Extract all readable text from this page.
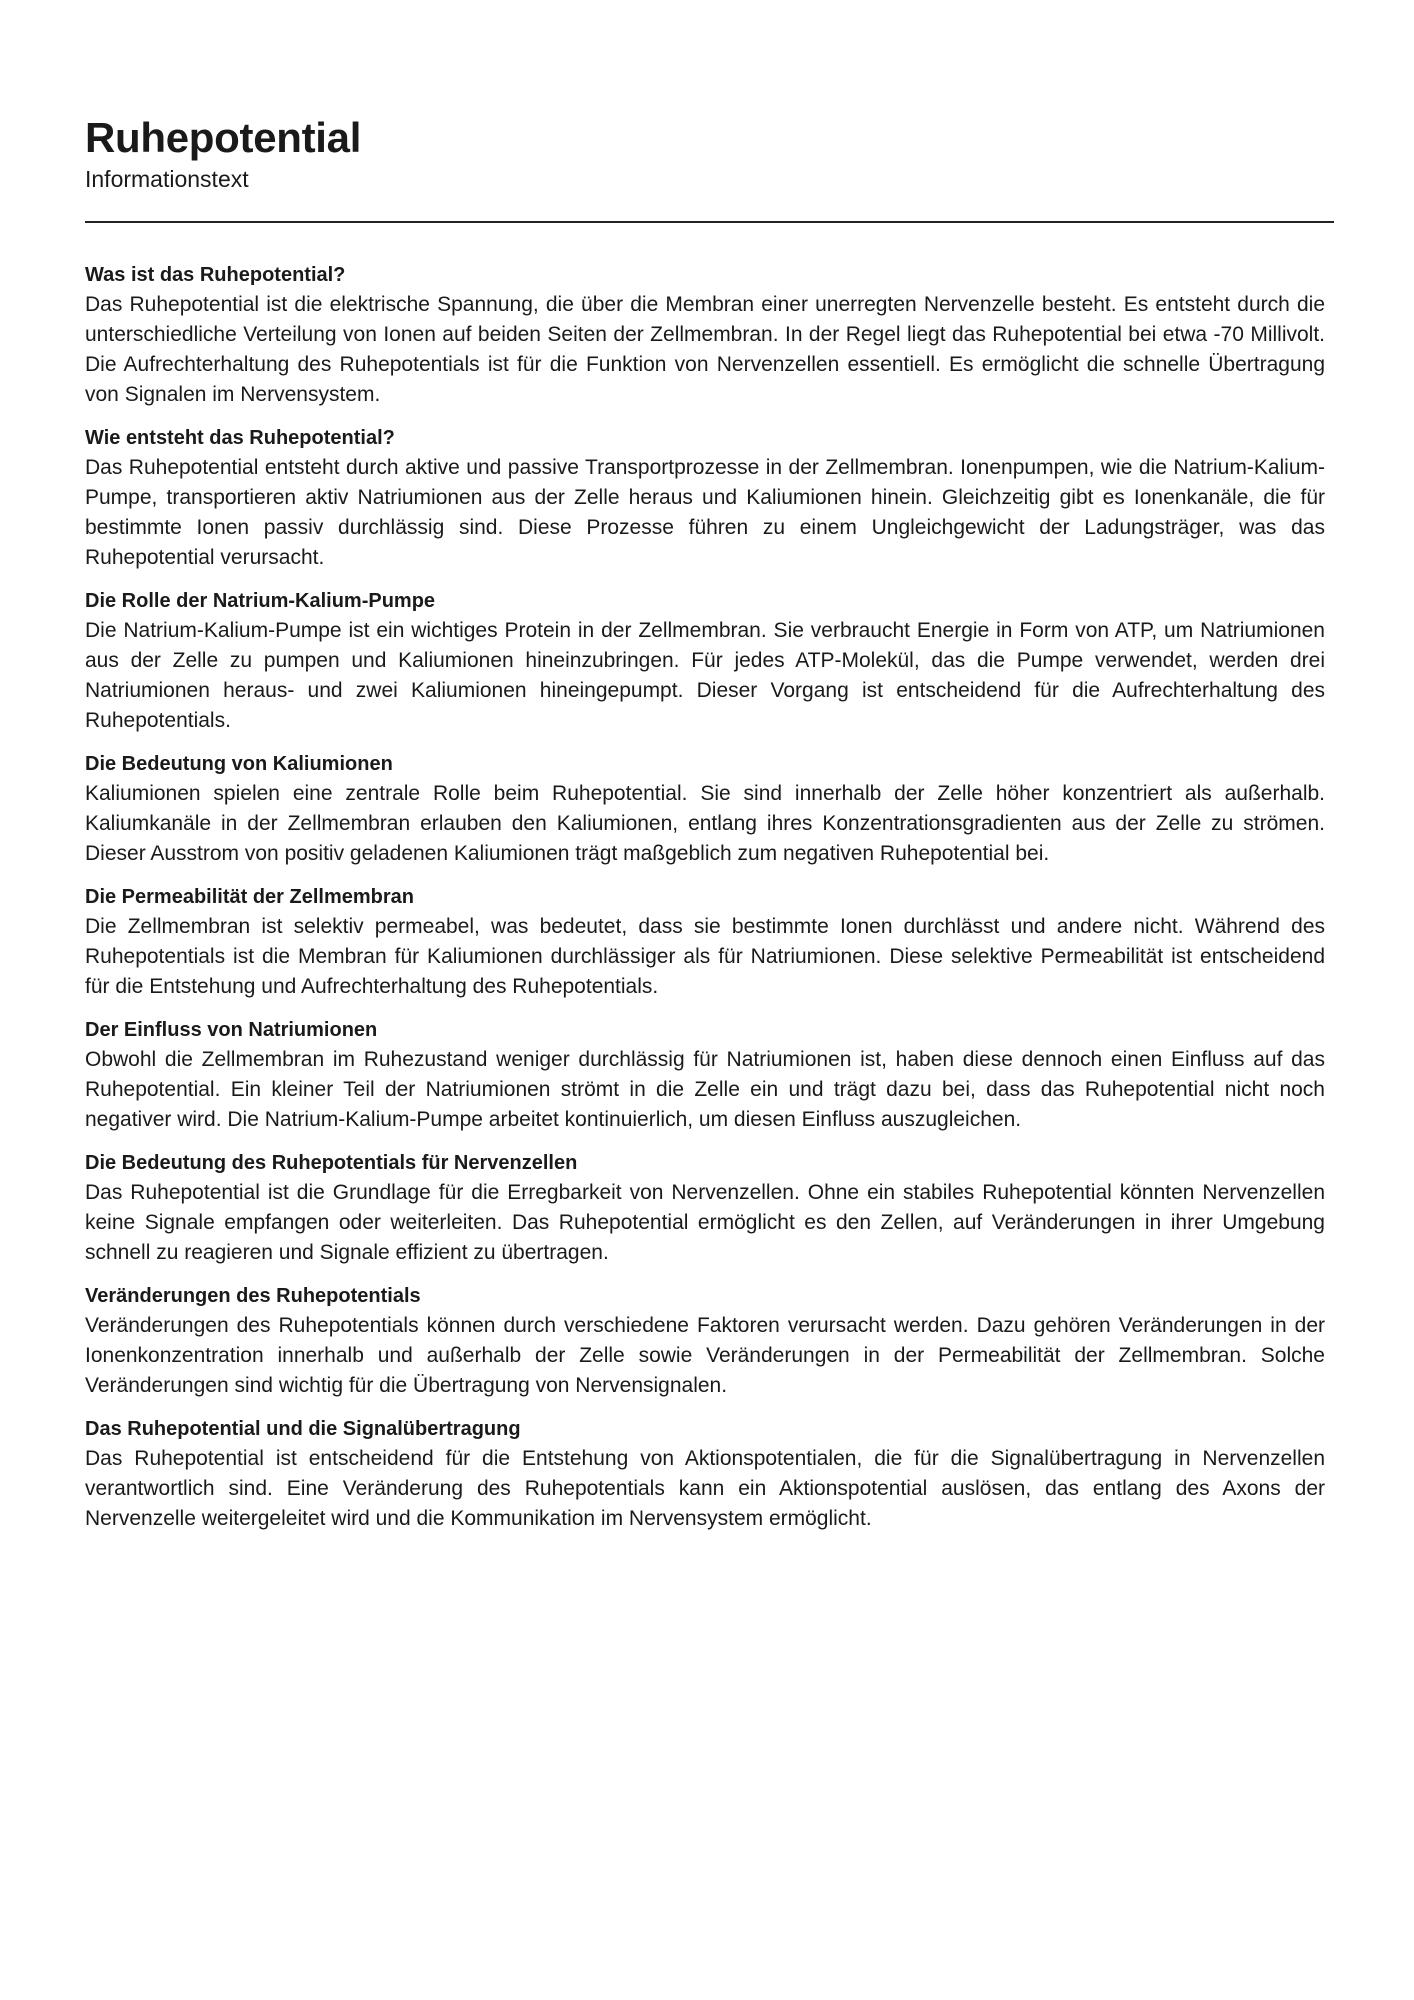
Ruhepotential
Informationstext
Was ist das Ruhepotential?

Das Ruhepotential ist die elektrische Spannung, die über die Membran einer unerregten Nervenzelle besteht. Es entsteht durch die unterschiedliche Verteilung von Ionen auf beiden Seiten der Zellmembran. In der Regel liegt das Ruhepotential bei etwa -70 Millivolt. Die Aufrechterhaltung des Ruhepotentials ist für die Funktion von Nervenzellen essentiell. Es ermöglicht die schnelle Übertragung von Signalen im Nervensystem.

Wie entsteht das Ruhepotential?

Das Ruhepotential entsteht durch aktive und passive Transportprozesse in der Zellmembran. Ionenpumpen, wie die Natrium-Kalium-Pumpe, transportieren aktiv Natriumionen aus der Zelle heraus und Kaliumionen hinein. Gleichzeitig gibt es Ionenkanäle, die für bestimmte Ionen passiv durchlässig sind. Diese Prozesse führen zu einem Ungleichgewicht der Ladungsträger, was das Ruhepotential verursacht.

Die Rolle der Natrium-Kalium-Pumpe

Die Natrium-Kalium-Pumpe ist ein wichtiges Protein in der Zellmembran. Sie verbraucht Energie in Form von ATP, um Natriumionen aus der Zelle zu pumpen und Kaliumionen hineinzubringen. Für jedes ATP-Molekül, das die Pumpe verwendet, werden drei Natriumionen heraus- und zwei Kaliumionen hineingepumpt. Dieser Vorgang ist entscheidend für die Aufrechterhaltung des Ruhepotentials.

Die Bedeutung von Kaliumionen

Kaliumionen spielen eine zentrale Rolle beim Ruhepotential. Sie sind innerhalb der Zelle höher konzentriert als außerhalb. Kaliumkanäle in der Zellmembran erlauben den Kaliumionen, entlang ihres Konzentrationsgradienten aus der Zelle zu strömen. Dieser Ausstrom von positiv geladenen Kaliumionen trägt maßgeblich zum negativen Ruhepotential bei.

Die Permeabilität der Zellmembran

Die Zellmembran ist selektiv permeabel, was bedeutet, dass sie bestimmte Ionen durchlässt und andere nicht. Während des Ruhepotentials ist die Membran für Kaliumionen durchlässiger als für Natriumionen. Diese selektive Permeabilität ist entscheidend für die Entstehung und Aufrechterhaltung des Ruhepotentials.

Der Einfluss von Natriumionen

Obwohl die Zellmembran im Ruhezustand weniger durchlässig für Natriumionen ist, haben diese dennoch einen Einfluss auf das Ruhepotential. Ein kleiner Teil der Natriumionen strömt in die Zelle ein und trägt dazu bei, dass das Ruhepotential nicht noch negativer wird. Die Natrium-Kalium-Pumpe arbeitet kontinuierlich, um diesen Einfluss auszugleichen.

Die Bedeutung des Ruhepotentials für Nervenzellen

Das Ruhepotential ist die Grundlage für die Erregbarkeit von Nervenzellen. Ohne ein stabiles Ruhepotential könnten Nervenzellen keine Signale empfangen oder weiterleiten. Das Ruhepotential ermöglicht es den Zellen, auf Veränderungen in ihrer Umgebung schnell zu reagieren und Signale effizient zu übertragen.

Veränderungen des Ruhepotentials

Veränderungen des Ruhepotentials können durch verschiedene Faktoren verursacht werden. Dazu gehören Veränderungen in der Ionenkonzentration innerhalb und außerhalb der Zelle sowie Veränderungen in der Permeabilität der Zellmembran. Solche Veränderungen sind wichtig für die Übertragung von Nervensignalen.

Das Ruhepotential und die Signalübertragung

Das Ruhepotential ist entscheidend für die Entstehung von Aktionspotentialen, die für die Signalübertragung in Nervenzellen verantwortlich sind. Eine Veränderung des Ruhepotentials kann ein Aktionspotential auslösen, das entlang des Axons der Nervenzelle weitergeleitet wird und die Kommunikation im Nervensystem ermöglicht.
